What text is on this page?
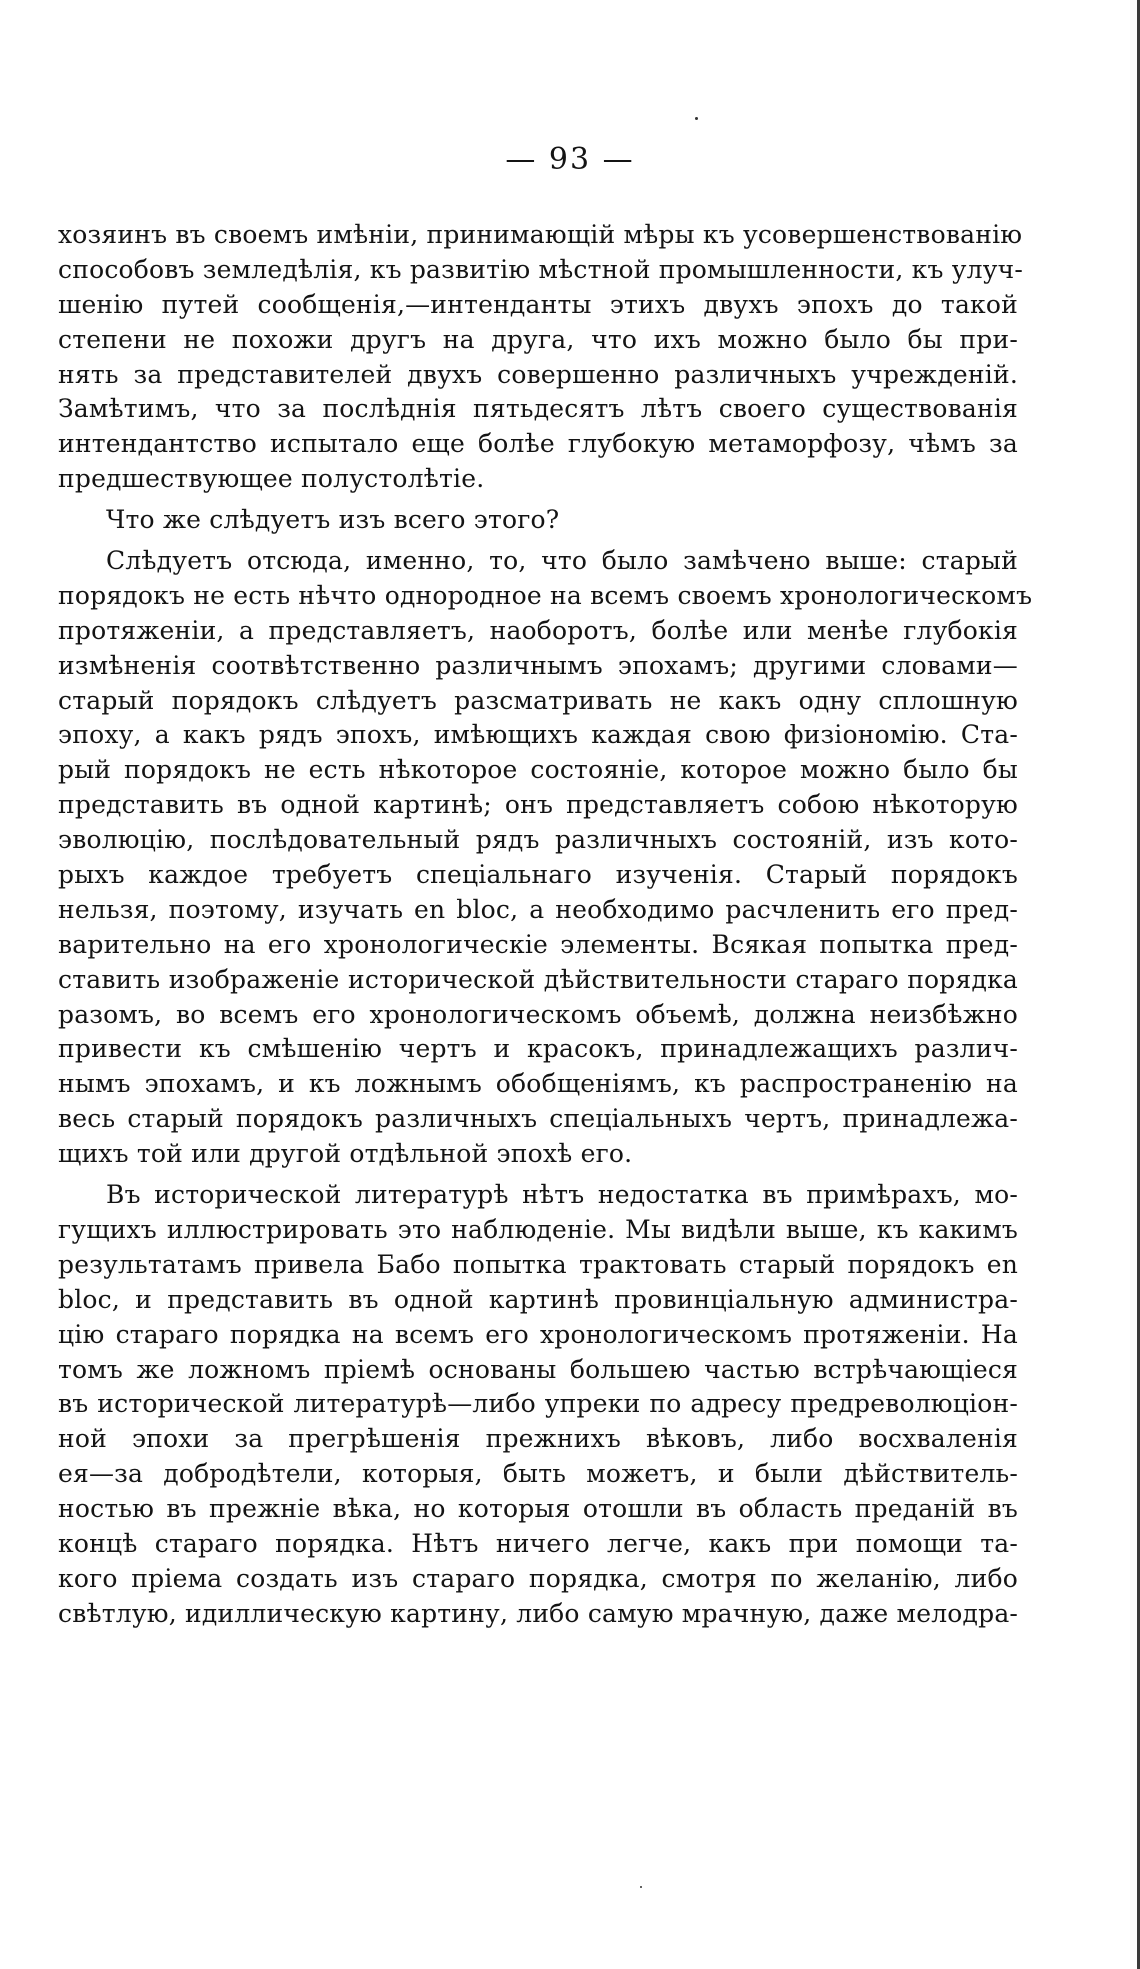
— 93 —
хозяинъ въ своемъ имѣніи, принимающій мѣры къ усовершенствованію
способовъ земледѣлія, къ развитію мѣстной промышленности, къ улуч-
шенію путей сообщенія,—интенданты этихъ двухъ эпохъ до такой
степени не похожи другъ на друга, что ихъ можно было бы при-
нять за представителей двухъ совершенно различныхъ учрежденій.
Замѣтимъ, что за послѣднія пятьдесятъ лѣтъ своего существованія
интендантство испытало еще болѣе глубокую метаморфозу, чѣмъ за
предшествующее полустолѣтіе.
Что же слѣдуетъ изъ всего этого?
Слѣдуетъ отсюда, именно, то, что было замѣчено выше: старый
порядокъ не есть нѣчто однородное на всемъ своемъ хронологическомъ
протяженіи, а представляетъ, наоборотъ, болѣе или менѣе глубокія
измѣненія соотвѣтственно различнымъ эпохамъ; другими словами—
старый порядокъ слѣдуетъ разсматривать не какъ одну сплошную
эпоху, а какъ рядъ эпохъ, имѣющихъ каждая свою физіономію. Ста-
рый порядокъ не есть нѣкоторое состояніе, которое можно было бы
представить въ одной картинѣ; онъ представляетъ собою нѣкоторую
эволюцію, послѣдовательный рядъ различныхъ состояній, изъ кото-
рыхъ каждое требуетъ спеціальнаго изученія. Старый порядокъ
нельзя, поэтому, изучать en bloc, а необходимо расчленить его пред-
варительно на его хронологическіе элементы. Всякая попытка пред-
ставить изображеніе исторической дѣйствительности стараго порядка
разомъ, во всемъ его хронологическомъ объемѣ, должна неизбѣжно
привести къ смѣшенію чертъ и красокъ, принадлежащихъ различ-
нымъ эпохамъ, и къ ложнымъ обобщеніямъ, къ распространенію на
весь старый порядокъ различныхъ спеціальныхъ чертъ, принадлежа-
щихъ той или другой отдѣльной эпохѣ его.
Въ исторической литературѣ нѣтъ недостатка въ примѣрахъ, мо-
гущихъ иллюстрировать это наблюденіе. Мы видѣли выше, къ какимъ
результатамъ привела Бабо попытка трактовать старый порядокъ en
bloc, и представить въ одной картинѣ провинціальную администра-
цію стараго порядка на всемъ его хронологическомъ протяженіи. На
томъ же ложномъ пріемѣ основаны большею частью встрѣчающіеся
въ исторической литературѣ—либо упреки по адресу предреволюціон-
ной эпохи за прегрѣшенія прежнихъ вѣковъ, либо восхваленія
ея—за добродѣтели, которыя, быть можетъ, и были дѣйствитель-
ностью въ прежніе вѣка, но которыя отошли въ область преданій въ
концѣ стараго порядка. Нѣтъ ничего легче, какъ при помощи та-
кого пріема создать изъ стараго порядка, смотря по желанію, либо
свѣтлую, идиллическую картину, либо самую мрачную, даже мелодра-
